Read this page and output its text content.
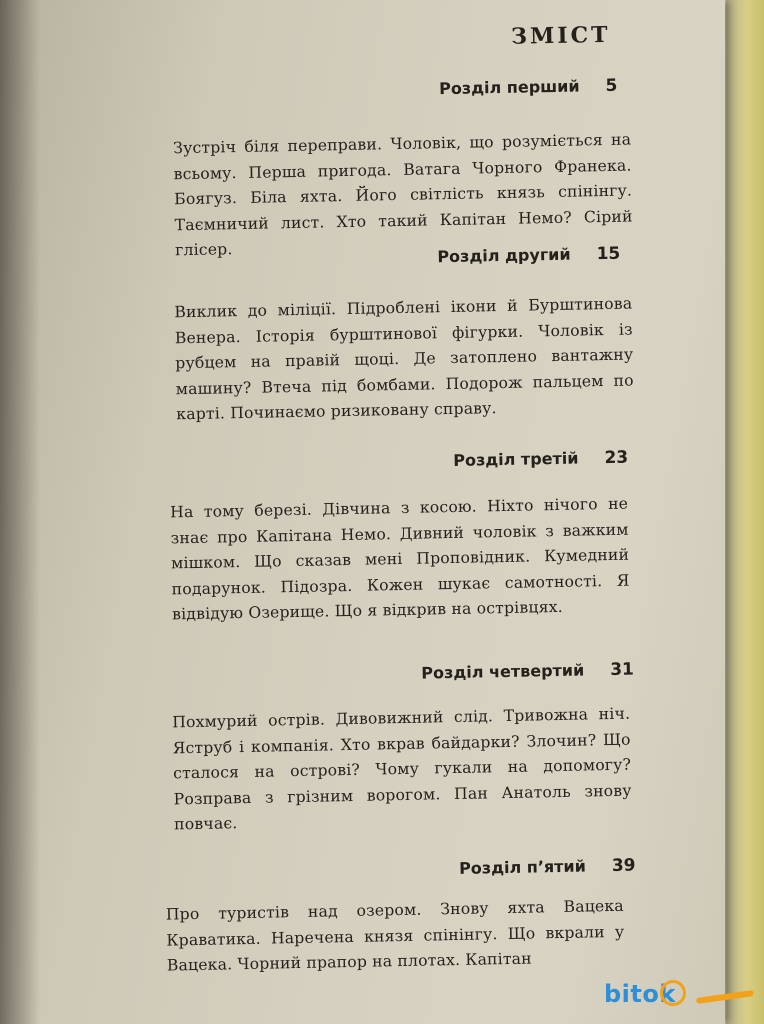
ЗМІСТ
Розділ перший 5

Зустріч біля переправи. Чоловік, що розуміється на всьому. Перша пригода. Ватага Чорного Франека. Боягуз. Біла яхта. Його світлість князь спінінгу. Таємничий лист. Хто такий Капітан Немо? Сірий глісер.	Розділ другий 15

Виклик до міліції. Підроблені ікони й Бурштинова Венера. Історія бурштинової фігурки. Чоловік із рубцем на правій щоці. Де затоплено вантажну машину? Втеча під бомбами. Подорож пальцем по карті. Починаємо ризиковану справу.

Розділ третій 23

На тому березі. Дівчина з косою. Ніхто нічого не знає про Капітана Немо. Дивний чоловік з важким мішком. Що сказав мені Проповідник. Кумедний подарунок. Підозра. Кожен шукає самотності. Я відвідую Озерище. Що я відкрив на острівцях.

Розділ четвертий 31

Похмурий острів. Дивовижний слід. Тривожна ніч. Яструб і компанія. Хто вкрав байдарки? Злочин? Що сталося на острові? Чому гукали на допомогу? Розправа з грізним ворогом. Пан Анатоль знову повчає.

Розділ п’ятий 39

Про туристів над озером. Знову яхта Вацека Краватика. Наречена князя спінінгу. Що вкрали у Вацека. Чорний прапор на плотах. Капітан

bitok
